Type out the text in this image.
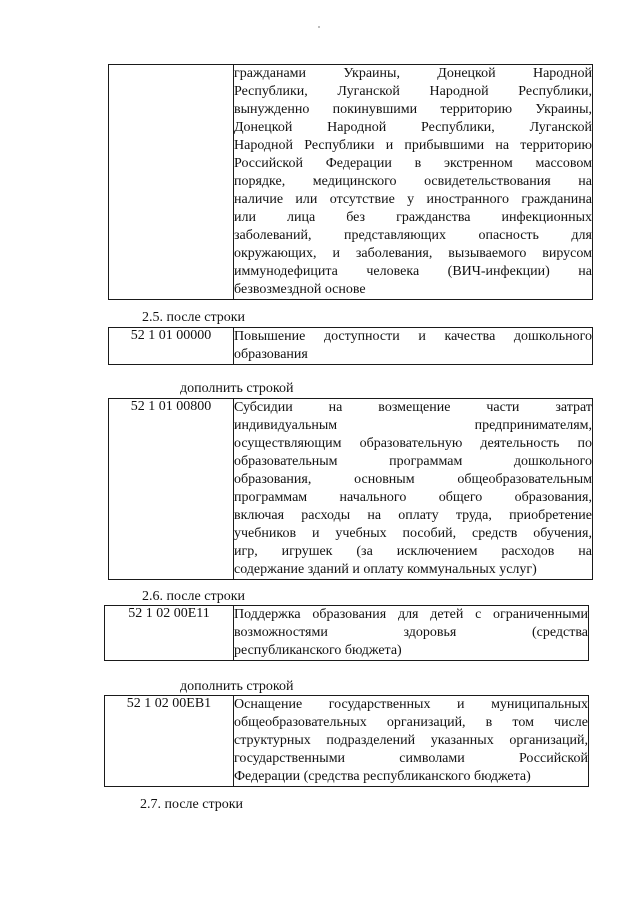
гражданами Украины, Донецкой Народной
Республики, Луганской Народной Республики,
вынужденно покинувшими территорию Украины,
Донецкой Народной Республики, Луганской
Народной Республики и прибывшими на территорию
Российской Федерации в экстренном массовом
порядке, медицинского освидетельствования на
наличие или отсутствие у иностранного гражданина
или лица без гражданства инфекционных
заболеваний, представляющих опасность для
окружающих, и заболевания, вызываемого вирусом
иммунодефицита человека (ВИЧ-инфекции) на
безвозмездной основе
2.5. после строки
52 1 01 00000	Повышение доступности и качества дошкольного
образования
дополнить строкой
52 1 01 00800	Субсидии на возмещение части затрат
индивидуальным предпринимателям,
осуществляющим образовательную деятельность по
образовательным программам дошкольного
образования, основным общеобразовательным
программам начального общего образования,
включая расходы на оплату труда, приобретение
учебников и учебных пособий, средств обучения,
игр, игрушек (за исключением расходов на
содержание зданий и оплату коммунальных услуг)
2.6. после строки
52 1 02 00Е11	Поддержка образования для детей с ограниченными
возможностями здоровья (средства
республиканского бюджета)
дополнить строкой
52 1 02 00ЕВ1	Оснащение государственных и муниципальных
общеобразовательных организаций, в том числе
структурных подразделений указанных организаций,
государственными символами Российской
Федерации (средства республиканского бюджета)
2.7. после строки
